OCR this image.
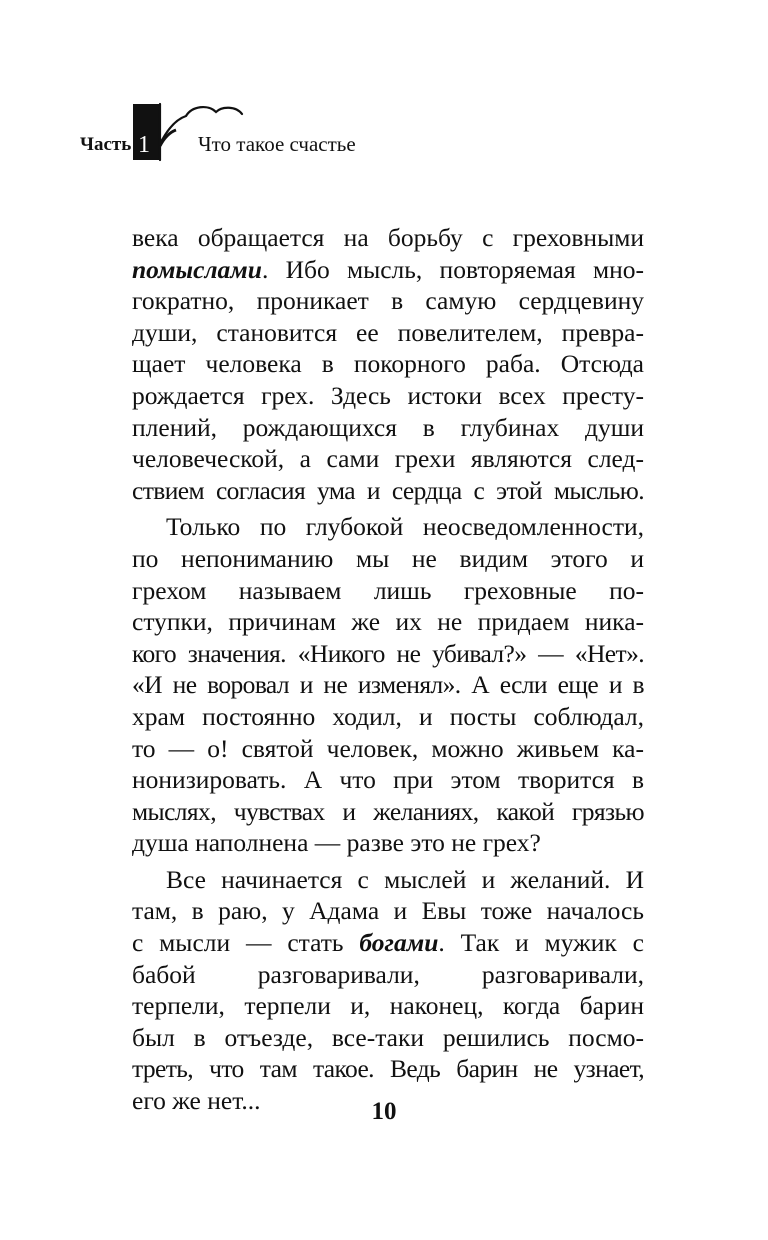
Часть 1 Что такое счастье
века обращается на борьбу с греховными
помыслами. Ибо мысль, повторяемая мно-
гократно, проникает в самую сердцевину
души, становится ее повелителем, превра-
щает человека в покорного раба. Отсюда
рождается грех. Здесь истоки всех престу-
плений, рождающихся в глубинах души
человеческой, а сами грехи являются след-
ствием согласия ума и сердца с этой мыслью.
Только по глубокой неосведомленности,
по непониманию мы не видим этого и
грехом называем лишь греховные по-
ступки, причинам же их не придаем ника-
кого значения. «Никого не убивал?» — «Нет».
«И не воровал и не изменял». А если еще и в
храм постоянно ходил, и посты соблюдал,
то — о! святой человек, можно живьем ка-
нонизировать. А что при этом творится в
мыслях, чувствах и желаниях, какой грязью
душа наполнена — разве это не грех?
Все начинается с мыслей и желаний. И
там, в раю, у Адама и Евы тоже началось
с мысли — стать богами. Так и мужик с
бабой разговаривали, разговаривали,
терпели, терпели и, наконец, когда барин
был в отъезде, все-таки решились посмо-
треть, что там такое. Ведь барин не узнает,
его же нет...	10
